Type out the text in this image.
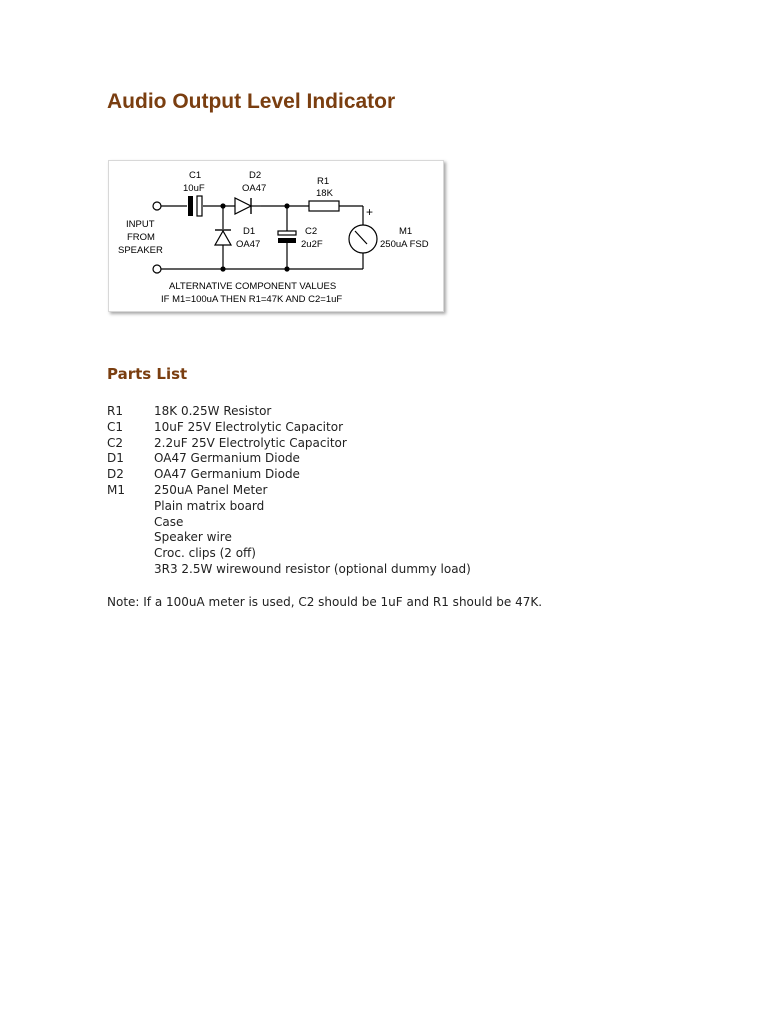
Audio Output Level Indicator
C1
10uF
D2
OA47
R1
18K
+
D1
OA47
C2
2u2F
M1
250uA FSD
INPUT
FROM
SPEAKER
ALTERNATIVE COMPONENT VALUES
IF M1=100uA THEN R1=47K AND C2=1uF
Parts List
R1	18K 0.25W Resistor
C1	10uF 25V Electrolytic Capacitor
C2	2.2uF 25V Electrolytic Capacitor
D1	OA47 Germanium Diode
D2	OA47 Germanium Diode
M1 250uA Panel Meter
Plain matrix board
Case
Speaker wire
Croc. clips (2 off)
3R3 2.5W wirewound resistor (optional dummy load)

Note: If a 100uA meter is used, C2 should be 1uF and R1 should be 47K.
